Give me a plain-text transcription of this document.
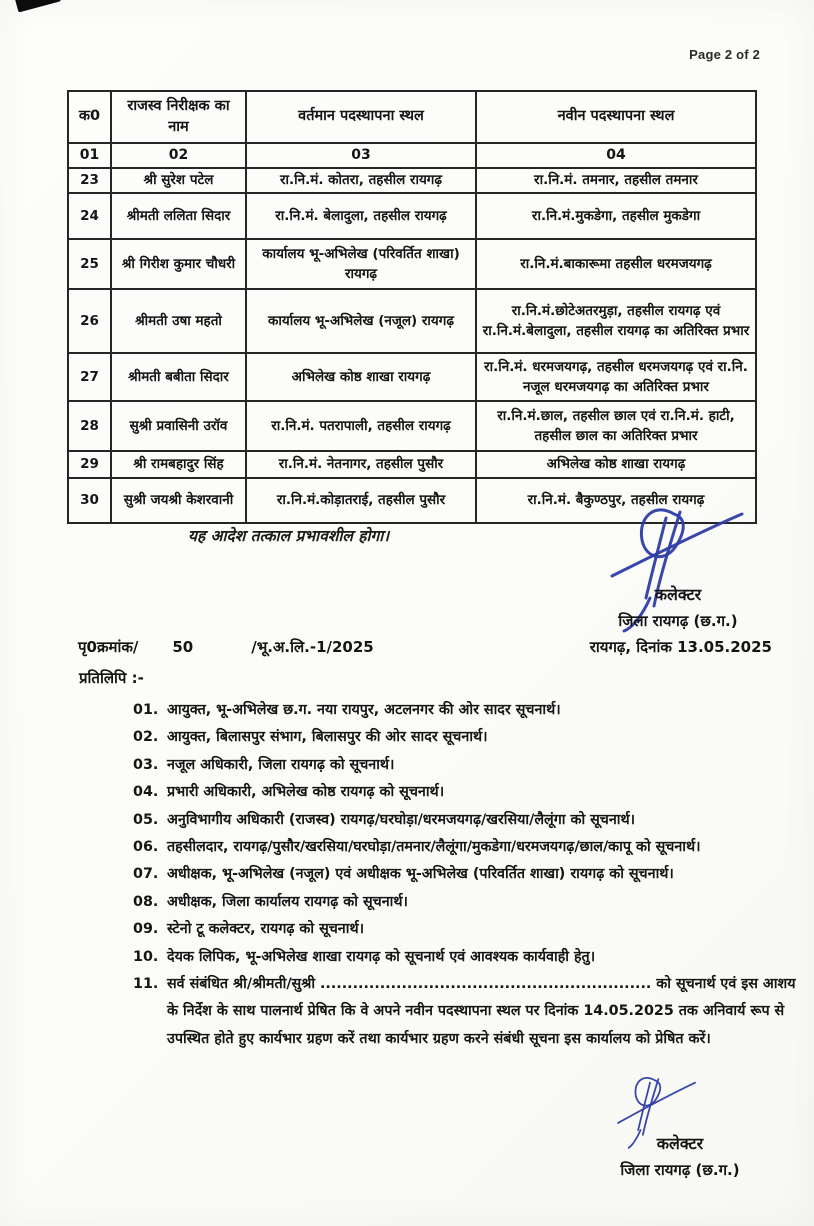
Page 2 of 2
क0	राजस्व निरीक्षक का नाम	वर्तमान पदस्थापना स्थल	नवीन पदस्थापना स्थल
01	02	03	04
23	श्री सुरेश पटेल	रा.नि.मं. कोतरा, तहसील रायगढ़	रा.नि.मं. तमनार, तहसील तमनार
24	श्रीमती ललिता सिदार	रा.नि.मं. बेलादुला, तहसील रायगढ़	रा.नि.मं.मुकडेगा, तहसील मुकडेगा
25	श्री गिरीश कुमार चौधरी	कार्यालय भू-अभिलेख (परिवर्तित शाखा) रायगढ़	रा.नि.मं.बाकारूमा तहसील धरमजयगढ़
26	श्रीमती उषा महतो	कार्यालय भू-अभिलेख (नजूल) रायगढ़	रा.नि.मं.छोटेअतरमुड़ा, तहसील रायगढ़ एवं रा.नि.मं.बेलादुला, तहसील रायगढ़ का अतिरिक्त प्रभार
27	श्रीमती बबीता सिदार	अभिलेख कोष्ठ शाखा रायगढ़	रा.नि.मं. धरमजयगढ़, तहसील धरमजयगढ़ एवं रा.नि. नजूल धरमजयगढ़ का अतिरिक्त प्रभार
28	सुश्री प्रवासिनी उरॉव	रा.नि.मं. पतरापाली, तहसील रायगढ़	रा.नि.मं.छाल, तहसील छाल एवं रा.नि.मं. हाटी, तहसील छाल का अतिरिक्त प्रभार
29	श्री रामबहादुर सिंह	रा.नि.मं. नेतनागर, तहसील पुसौर	अभिलेख कोष्ठ शाखा रायगढ़
30	सुश्री जयश्री केशरवानी	रा.नि.मं.कोड़ातराई, तहसील पुसौर	रा.नि.मं. बैकुण्ठपुर, तहसील रायगढ़
यह आदेश तत्काल प्रभावशील होगा।
कलेक्टर
जिला रायगढ़ (छ.ग.)
पृ0क्रमांक/ 50	/भू.अ.लि.-1/2025	रायगढ़, दिनांक 13.05.2025
प्रतिलिपि :-
01. आयुक्त, भू-अभिलेख छ.ग. नया रायपुर, अटलनगर की ओर सादर सूचनार्थ।
02. आयुक्त, बिलासपुर संभाग, बिलासपुर की ओर सादर सूचनार्थ।
03. नजूल अधिकारी, जिला रायगढ़ को सूचनार्थ।
04. प्रभारी अधिकारी, अभिलेख कोष्ठ रायगढ़ को सूचनार्थ।
05. अनुविभागीय अधिकारी (राजस्व) रायगढ़/घरघोड़ा/धरमजयगढ़/खरसिया/लैलूंगा को सूचनार्थ।
06. तहसीलदार, रायगढ़/पुसौर/खरसिया/घरघोड़ा/तमनार/लैलूंगा/मुकडेगा/धरमजयगढ़/छाल/कापू को सूचनार्थ।
07. अधीक्षक, भू-अभिलेख (नजूल) एवं अधीक्षक भू-अभिलेख (परिवर्तित शाखा) रायगढ़ को सूचनार्थ।
08. अधीक्षक, जिला कार्यालय रायगढ़ को सूचनार्थ।
09. स्टेनो टू कलेक्टर, रायगढ़ को सूचनार्थ।
10. देयक लिपिक, भू-अभिलेख शाखा रायगढ़ को सूचनार्थ एवं आवश्यक कार्यवाही हेतु।
11. सर्व संबंधित श्री/श्रीमती/सुश्री ............................................................. को सूचनार्थ एवं इस आशय के निर्देश के साथ पालनार्थ प्रेषित कि वे अपने नवीन पदस्थापना स्थल पर दिनांक 14.05.2025 तक अनिवार्य रूप से उपस्थित होते हुए कार्यभार ग्रहण करें तथा कार्यभार ग्रहण करने संबंधी सूचना इस कार्यालय को प्रेषित करें।
कलेक्टर
जिला रायगढ़ (छ.ग.)
